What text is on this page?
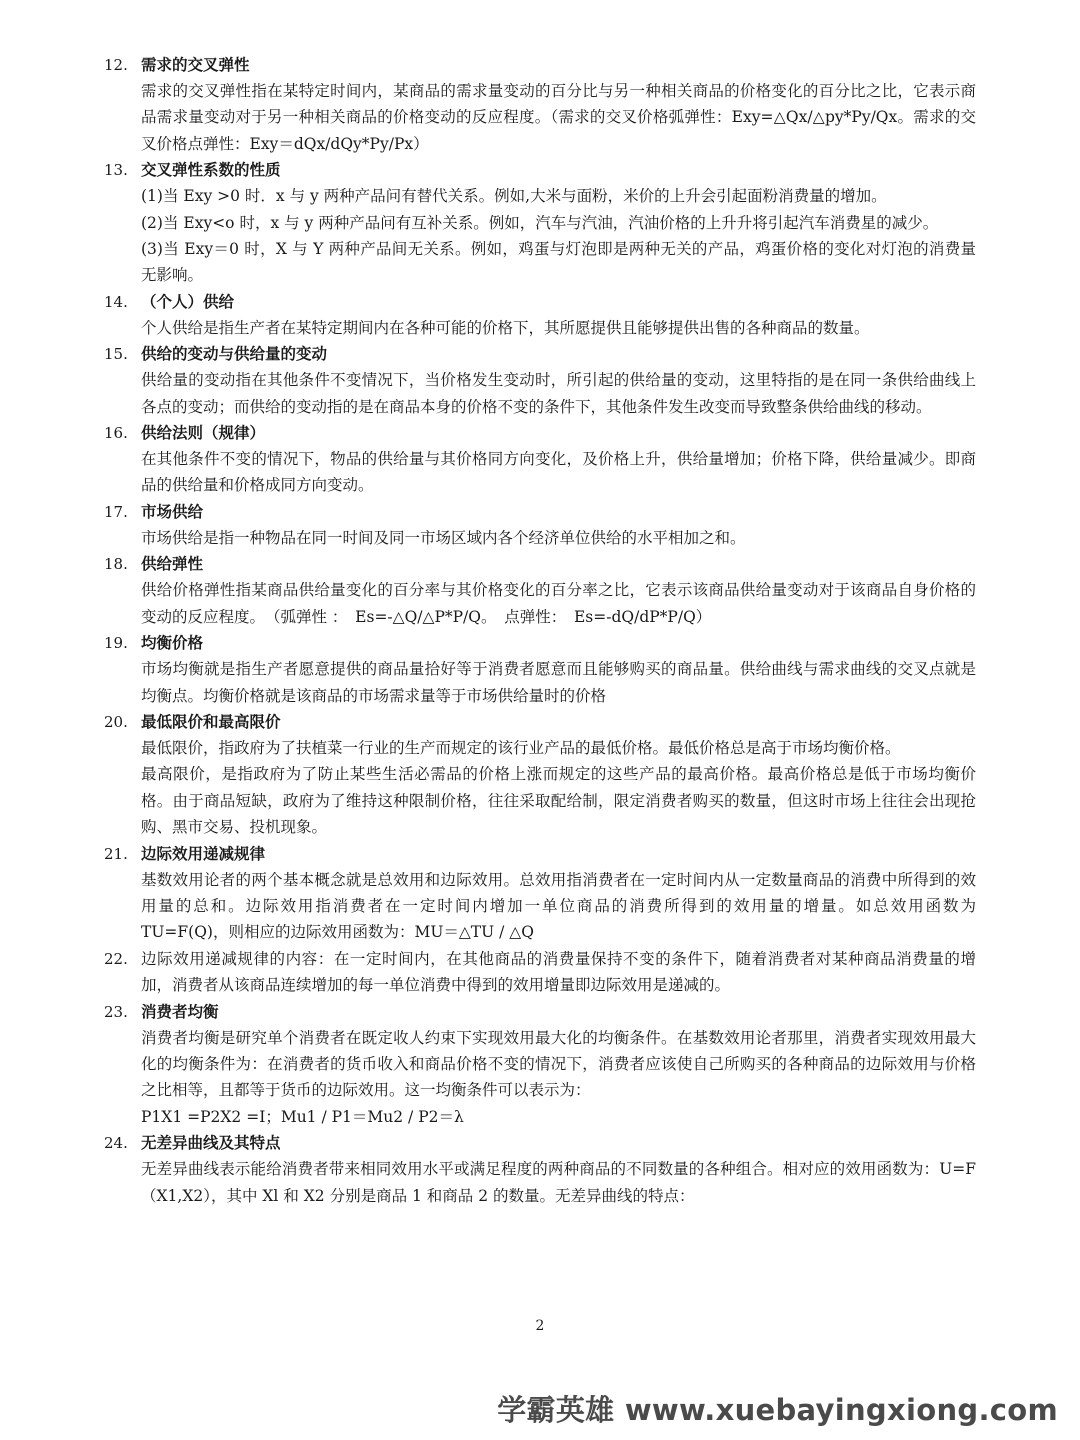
12. 需求的交叉弹性

需求的交叉弹性指在某特定时间内，某商品的需求量变动的百分比与另一种相关商品的价格变化的百分比之比，它表示商品需求量变动对于另一种相关商品的价格变动的反应程度。（需求的交叉价格弧弹性：Exy=△Qx/△py*Py/Qx。需求的交叉价格点弹性：Exy＝dQx/dQy*Py/Px）

13. 交叉弹性系数的性质

(1)当 Exy >0 时．x 与 y 两种产品问有替代关系。例如,大米与面粉，米价的上升会引起面粉消费量的增加。

(2)当 Exy<o 时，x 与 y 两种产品问有互补关系。例如，汽车与汽油，汽油价格的上升升将引起汽车消费星的减少。

(3)当 Exy＝0 时，X 与 Y 两种产品间无关系。例如，鸡蛋与灯泡即是两种无关的产品，鸡蛋价格的变化对灯泡的消费量无影响。

14. （个人）供给

个人供给是指生产者在某特定期间内在各种可能的价格下，其所愿提供且能够提供出售的各种商品的数量。

15. 供给的变动与供给量的变动

供给量的变动指在其他条件不变情况下，当价格发生变动时，所引起的供给量的变动，这里特指的是在同一条供给曲线上各点的变动；而供给的变动指的是在商品本身的价格不变的条件下，其他条件发生改变而导致整条供给曲线的移动。

16. 供给法则（规律）

在其他条件不变的情况下，物品的供给量与其价格同方向变化，及价格上升，供给量增加；价格下降，供给量减少。即商品的供给量和价格成同方向变动。

17. 市场供给

市场供给是指一种物品在同一时间及同一市场区域内各个经济单位供给的水平相加之和。

18. 供给弹性

供给价格弹性指某商品供给量变化的百分率与其价格变化的百分率之比，它表示该商品供给量变动对于该商品自身价格的变动的反应程度。　（弧弹性 ：　Es=-△Q/△P*P/Q。　点弹性：　Es=-dQ/dP*P/Q）

19. 均衡价格

市场均衡就是指生产者愿意提供的商品量拾好等于消费者愿意而且能够购买的商品量。供给曲线与需求曲线的交叉点就是均衡点。均衡价格就是该商品的市场需求量等于市场供给量时的价格

20. 最低限价和最高限价

最低限价，指政府为了扶植菜一行业的生产而规定的该行业产品的最低价格。最低价格总是高于市场均衡价格。

最高限价，是指政府为了防止某些生活必需品的价格上涨而规定的这些产品的最高价格。最高价格总是低于市场均衡价格。由于商品短缺，政府为了维持这种限制价格，往往采取配给制，限定消费者购买的数量，但这时市场上往往会出现抢购、黑市交易、投机现象。

21. 边际效用递减规律

基数效用论者的两个基本概念就是总效用和边际效用。总效用指消费者在一定时间内从一定数量商品的消费中所得到的效用量的总和。边际效用指消费者在一定时间内增加一单位商品的消费所得到的效用量的增量。如总效用函数为 TU=F(Q)，则相应的边际效用函数为：MU＝△TU / △Q

22. 边际效用递减规律的内容：在一定时间内，在其他商品的消费量保持不变的条件下，随着消费者对某种商品消费量的增加，消费者从该商品连续增加的每一单位消费中得到的效用增量即边际效用是递减的。

23. 消费者均衡

消费者均衡是研究单个消费者在既定收人约束下实现效用最大化的均衡条件。在基数效用论者那里，消费者实现效用最大化的均衡条件为：在消费者的货币收入和商品价格不变的情况下，消费者应该使自己所购买的各种商品的边际效用与价格之比相等，且都等于货币的边际效用。这一均衡条件可以表示为：

P1X1 =P2X2 =I；Mu1 / P1＝Mu2 / P2＝λ

24. 无差异曲线及其特点

无差异曲线表示能给消费者带来相同效用水平或满足程度的两种商品的不同数量的各种组合。相对应的效用函数为：U=F（X1,X2），其中 Xl 和 X2 分别是商品 1 和商品 2 的数量。无差异曲线的特点：

2
学霸英雄 www.xuebayingxiong.com
